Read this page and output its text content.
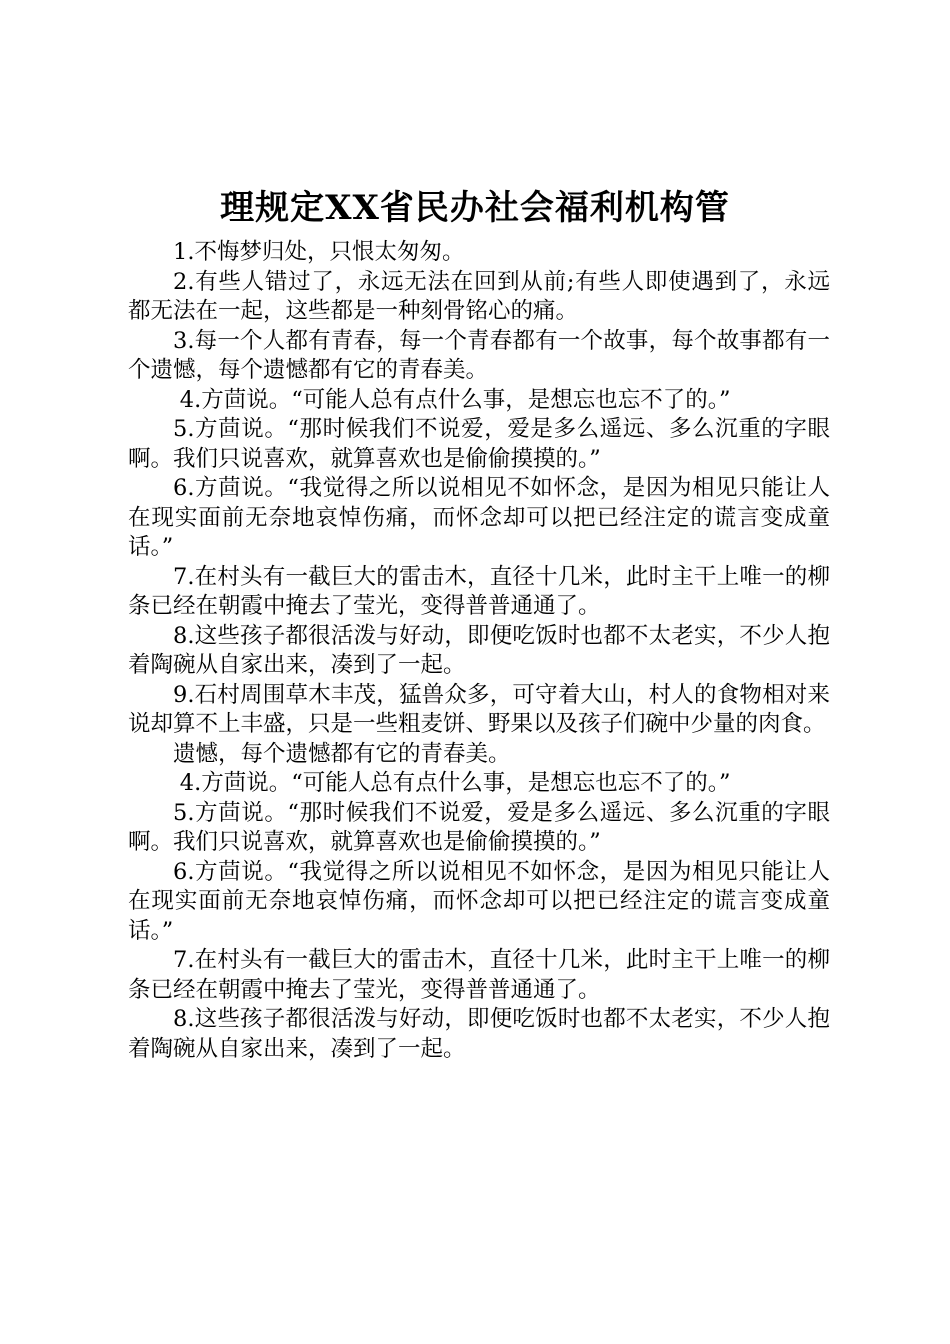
理规定XX省民办社会福利机构管

1.不悔梦归处，只恨太匆匆。

2.有些人错过了，永远无法在回到从前;有些人即使遇到了，永远都无法在一起，这些都是一种刻骨铭心的痛。

3.每一个人都有青春，每一个青春都有一个故事，每个故事都有一个遗憾，每个遗憾都有它的青春美。

4.方茴说。“可能人总有点什么事，是想忘也忘不了的。”

5.方茴说。“那时候我们不说爱，爱是多么遥远、多么沉重的字眼啊。我们只说喜欢，就算喜欢也是偷偷摸摸的。”

6.方茴说。“我觉得之所以说相见不如怀念，是因为相见只能让人在现实面前无奈地哀悼伤痛，而怀念却可以把已经注定的谎言变成童话。”

7.在村头有一截巨大的雷击木，直径十几米，此时主干上唯一的柳条已经在朝霞中掩去了莹光，变得普普通通了。

8.这些孩子都很活泼与好动，即便吃饭时也都不太老实，不少人抱着陶碗从自家出来，凑到了一起。

9.石村周围草木丰茂，猛兽众多，可守着大山，村人的食物相对来说却算不上丰盛，只是一些粗麦饼、野果以及孩子们碗中少量的肉食。

遗憾，每个遗憾都有它的青春美。

4.方茴说。“可能人总有点什么事，是想忘也忘不了的。”

5.方茴说。“那时候我们不说爱，爱是多么遥远、多么沉重的字眼啊。我们只说喜欢，就算喜欢也是偷偷摸摸的。”

6.方茴说。“我觉得之所以说相见不如怀念，是因为相见只能让人在现实面前无奈地哀悼伤痛，而怀念却可以把已经注定的谎言变成童话。”

7.在村头有一截巨大的雷击木，直径十几米，此时主干上唯一的柳条已经在朝霞中掩去了莹光，变得普普通通了。

8.这些孩子都很活泼与好动，即便吃饭时也都不太老实，不少人抱着陶碗从自家出来，凑到了一起。
